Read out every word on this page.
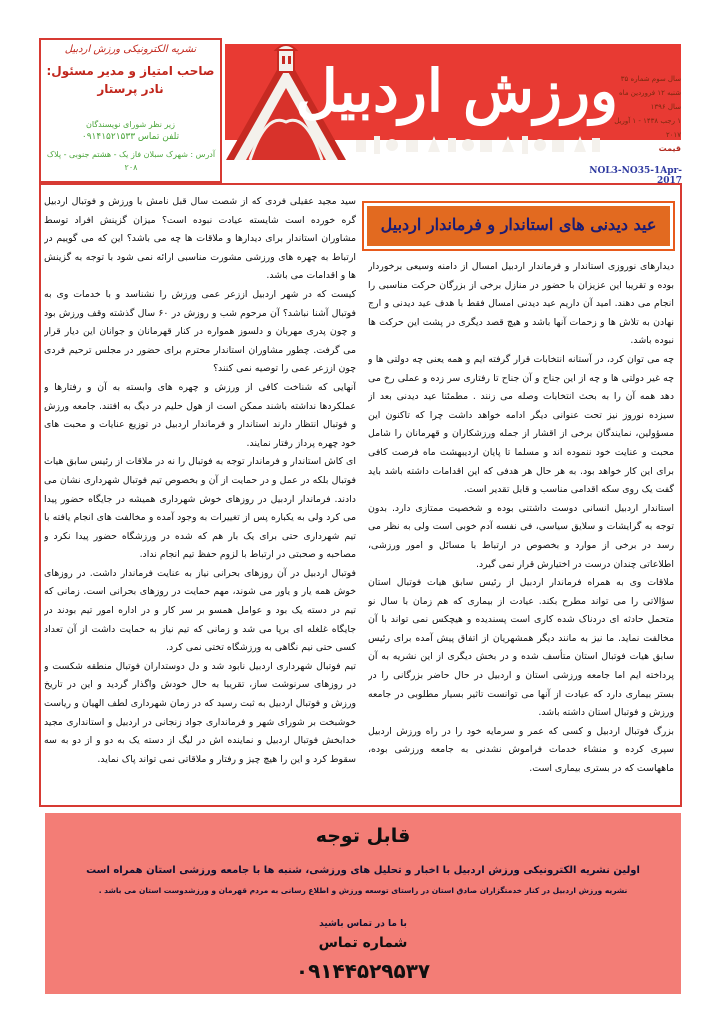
ورزش اردبیل سال سوم شماره ۳۵
شنبه ۱۲ فروردین ماه سال ۱۳۹۶
۱ رجب ۱۴۳۸ - ۱ آوریل ۲۰۱۷
قیمت
NOL3-NO35-1Apr-2017
نشریه الکترونیکی ورزش اردبیل
صاحب امتیاز و مدیر مسئول:
نادر پرستار
زیر نظر شورای نویسندگان
تلفن تماس ۰۹۱۴۱۵۲۱۵۳۳
آدرس : شهرک سبلان فاز یک - هشتم جنوبی - پلاک ۲۰۸
عید دیدنی های استاندار و فرماندار اردبیل

دیدارهای نوروزی استاندار و فرماندار اردبیل امسال از دامنه وسیعی برخوردار بوده و تقریبا این عزیزان با حضور در منازل برخی از بزرگان حرکت مناسبی را انجام می دهند. امید آن داریم عید دیدنی امسال فقط با هدف عید دیدنی و ارج نهادن به تلاش ها و زحمات آنها باشد و هیچ قصد دیگری در پشت این حرکت ها نبوده باشد.

چه می توان کرد، در آستانه انتخابات قرار گرفته ایم و همه یعنی چه دولتی ها و چه غیر دولتی ها و چه از این جناح و آن جناح تا رفتاری سر زده و عملی رخ می دهد همه آن را به بحث انتخابات وصله می زنند . مطمئنا عید دیدنی بعد از سیزده نوروز نیز تحت عنوانی دیگر ادامه خواهد داشت چرا که تاکنون این مسؤولین، نمایندگان برخی از اقشار از جمله ورزشکاران و قهرمانان را شامل محبت و عنایت خود ننموده اند و مسلما تا پایان اردیبهشت ماه فرصت کافی برای این کار خواهد بود. به هر حال هر هدفی که این اقدامات داشته باشد باید گفت یک روی سکه اقدامی مناسب و قابل تقدیر است.

استاندار اردبیل انسانی دوست داشتنی بوده و شخصیت ممتازی دارد. بدون توجه به گرایشات و سلایق سیاسی، فی نفسه آدم خوبی است ولی به نظر می رسد در برخی از موارد و بخصوص در ارتباط با مسائل و امور ورزشی، اطلاعاتی چندان درست در اختیارش قرار نمی گیرد.

ملاقات وی به همراه فرماندار اردبیل از رئیس سابق هیات فوتبال استان سؤالاتی را می تواند مطرح بکند. عیادت از بیماری که هم زمان با سال نو متحمل حادثه ای دردناک شده کاری است پسندیده و هیچکس نمی تواند با آن مخالفت نماید. ما نیز به مانند دیگر همشهریان از اتفاق پیش آمده برای رئیس سابق هیات فوتبال استان متأسف شده و در بخش دیگری از این نشریه به آن پرداخته ایم اما جامعه ورزشی استان و اردبیل در حال حاضر بزرگانی را در بستر بیماری دارد که عیادت از آنها می توانست تاثیر بسیار مطلوبی در جامعه ورزش و فوتبال استان داشته باشد.

بزرگ فوتبال اردبیل و کسی که عمر و سرمایه خود را در راه ورزش اردبیل سپری کرده و منشاء خدمات فراموش نشدنی به جامعه ورزشی بوده، ماههاست که در بستری بیماری است.

سید مجید عقیلی فردی که از شصت سال قبل نامش با ورزش و فوتبال اردبیل گره خورده است شایسته عیادت نبوده است؟ میزان گزینش افراد توسط مشاوران استاندار برای دیدارها و ملاقات ها چه می باشد؟ این که می گوییم در ارتباط به چهره های ورزشی مشورت مناسبی ارائه نمی شود با توجه به گزینش ها و اقدامات می باشد.

کیست که در شهر اردبیل اززعر عمی ورزش را نشناسد و با خدمات وی به فوتبال آشنا نباشد؟ آن مرحوم شب و روزش در ۶۰ سال گذشته وقف ورزش بود و چون پدری مهربان و دلسوز همواره در کنار قهرمانان و جوانان این دیار قرار می گرفت. چطور مشاوران استاندار محترم برای حضور در مجلس ترحیم فردی چون اززعر عمی را توصیه نمی کنند؟

آنهایی که شناخت کافی از ورزش و چهره های وابسته به آن و رفتارها و عملکردها نداشته باشند ممکن است از هول حلیم در دیگ به افتند. جامعه ورزش و فوتبال انتظار دارند استاندار و فرماندار اردبیل در توزیع عنایات و محبت های خود چهره پرداز رفتار نمایند.

ای کاش استاندار و فرماندار توجه به فوتبال را نه در ملاقات از رئیس سابق هیات فوتبال بلکه در عمل و در حمایت از آن و بخصوص تیم فوتبال شهرداری نشان می دادند. فرماندار اردبیل در روزهای خوش شهرداری همیشه در جایگاه حضور پیدا می کرد ولی به یکباره پس از تغییرات به وجود آمده و مخالفت های انجام یافته با تیم شهرداری حتی برای یک بار هم که شده در ورزشگاه حضور پیدا نکرد و مصاحبه و صحبتی در ارتباط با لزوم حفظ تیم انجام نداد.

فوتبال اردبیل در آن روزهای بحرانی نیاز به عنایت فرماندار داشت. در روزهای خوش همه یار و یاور می شوند، مهم حمایت در روزهای بحرانی است. زمانی که تیم در دسته یک بود و عوامل همسو بر سر کار و در اداره امور تیم بودند در جایگاه غلغله ای برپا می شد و زمانی که تیم نیاز به حمایت داشت از آن تعداد کسی حتی نیم نگاهی به ورزشگاه تختی نمی کرد.

تیم فوتبال شهرداری اردبیل نابود شد و دل دوستداران فوتبال منطقه شکست و در روزهای سرنوشت ساز، تقریبا به حال خودش واگذار گردید و این در تاریخ ورزش و فوتبال اردبیل به ثبت رسید که در زمان شهرداری لطف الهیان و ریاست خوشبخت بر شورای شهر و فرمانداری جواد زنجانی در اردبیل و استانداری مجید خدابخش فوتبال اردبیل و نماینده اش در لیگ از دسته یک به دو و از دو به سه سقوط کرد و این را هیچ چیز و رفتار و ملاقاتی نمی تواند پاک نماید.

قابل توجه
اولین نشریه الکترونیکی ورزش اردبیل با اخبار و تحلیل های ورزشی، شنبه ها با جامعه ورزشی استان همراه است
نشریه ورزش اردبیل در کنار خدمتگزاران صادق استان در راستای توسعه ورزش و اطلاع رسانی به مردم قهرمان و ورزشدوست استان می باشد .
با ما در تماس باشید
شماره تماس
۰۹۱۴۴۵۲۹۵۳۷
